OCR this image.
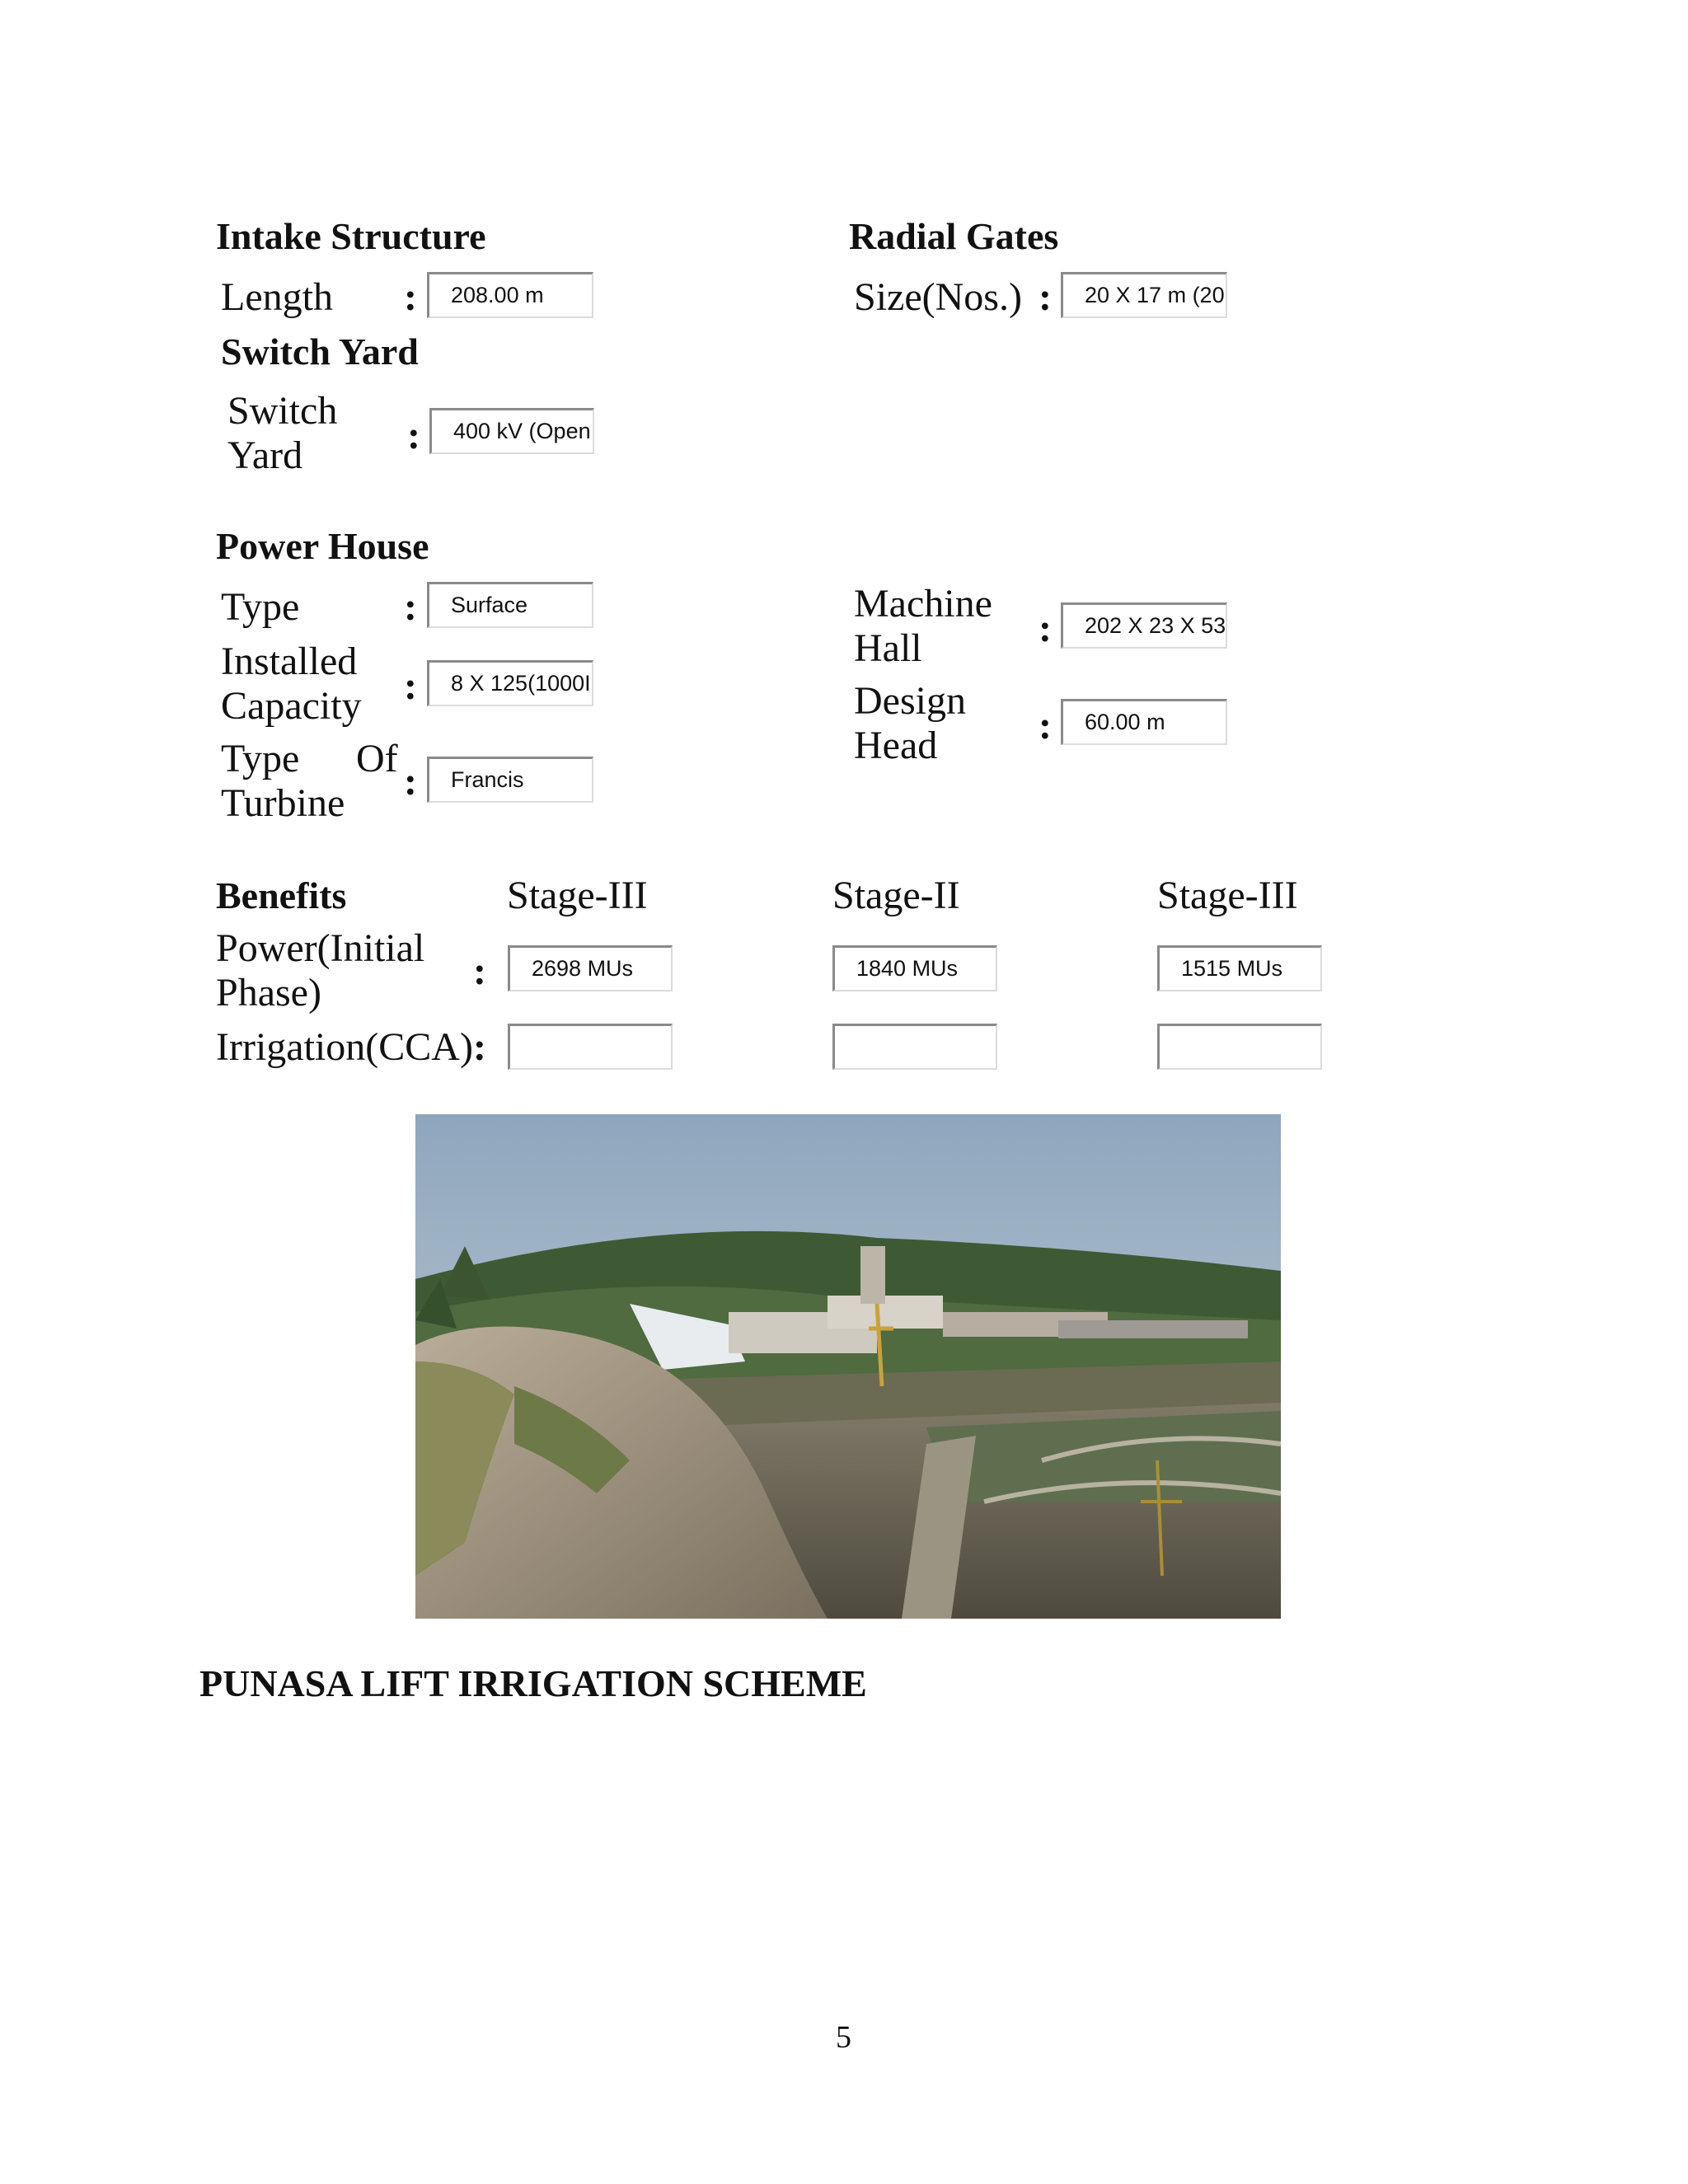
Intake Structure
Length :	208.00 m
Radial Gates
Size(Nos.) :	20 X 17 m (20
Switch Yard
Switch
Yard	:	400 kV (Open
Power House
Type	:	Surface
Installed
Capacity :	8 X 125(1000I
Type Of
Turbine :	Francis
Machine
Hall	:	202 X 23 X 53
Design
Head	:	60.00 m
Benefits	Stage-III	Stage-II	Stage-III
Power(Initial
Phase)	:	2698 MUs	1840 MUs	1515 MUs
Irrigation(CCA) :
PUNASA LIFT IRRIGATION SCHEME
5
